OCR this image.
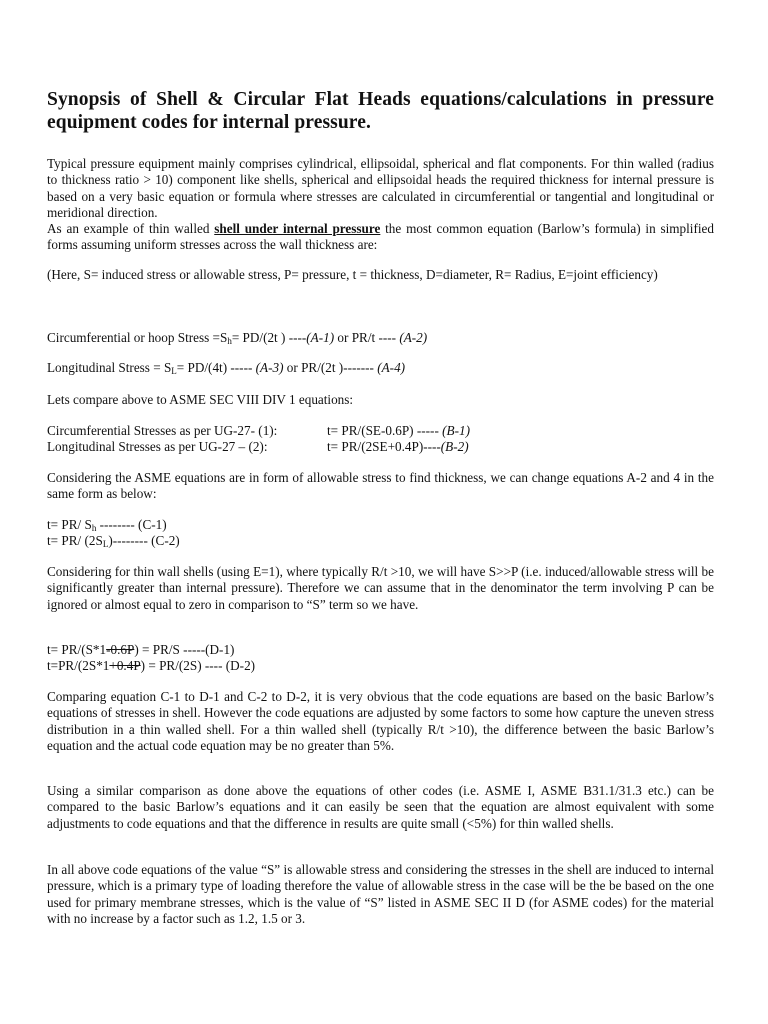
Synopsis of Shell & Circular Flat Heads equations/calculations in pressure equipment codes for internal pressure.

Typical pressure equipment mainly comprises cylindrical, ellipsoidal, spherical and flat components. For thin walled (radius to thickness ratio > 10) component like shells, spherical and ellipsoidal heads the required thickness for internal pressure is based on a very basic equation or formula where stresses are calculated in circumferential or tangential and longitudinal or meridional direction.

As an example of thin walled shell under internal pressure the most common equation (Barlow’s formula) in simplified forms assuming uniform stresses across the wall thickness are:

(Here, S= induced stress or allowable stress, P= pressure, t = thickness, D=diameter, R= Radius, E=joint efficiency)

Circumferential or hoop Stress $=S_h= PD/(2t$ ) ----(A-1) or PR/t ---- (A-2)

Longitudinal Stress = $S_L= PD/(4t)$ ----- (A-3) or PR/(2t )------- (A-4)

Lets compare above to ASME SEC VIII DIV 1 equations:

Circumferential Stresses as per UG-27- (1):	t= PR/(SE-0.6P) ----- (B-1)

Longitudinal Stresses as per UG-27 – (2):	t= PR/(2SE+0.4P)----(B-2)

Considering the ASME equations are in form of allowable stress to find thickness, we can change equations A-2 and 4 in the same form as below:

t= PR/ $S_h$ -------- (C-1)

t= PR/ $(2S_L)--------$ (C-2)

Considering for thin wall shells (using E=1), where typically R/t >10, we will have S>>P (i.e. induced/allowable stress will be significantly greater than internal pressure). Therefore we can assume that in the denominator the term involving P can be ignored or almost equal to zero in comparison to “S” term so we have.

t= PR/(S*1-0.6P) = PR/S -----(D-1)

t=PR/(2S*1+0.4P) = PR/(2S) ---- (D-2)

Comparing equation C-1 to D-1 and C-2 to D-2, it is very obvious that the code equations are based on the basic Barlow’s equations of stresses in shell. However the code equations are adjusted by some factors to some how capture the uneven stress distribution in a thin walled shell. For a thin walled shell (typically R/t >10), the difference between the basic Barlow’s equation and the actual code equation may be no greater than 5%.

Using a similar comparison as done above the equations of other codes (i.e. ASME I, ASME B31.1/31.3 etc.) can be compared to the basic Barlow’s equations and it can easily be seen that the equation are almost equivalent with some adjustments to code equations and that the difference in results are quite small (<5%) for thin walled shells.

In all above code equations of the value “S” is allowable stress and considering the stresses in the shell are induced to internal pressure, which is a primary type of loading therefore the value of allowable stress in the case will be the be based on the one used for primary membrane stresses, which is the value of “S” listed in ASME SEC II D (for ASME codes) for the material with no increase by a factor such as 1.2, 1.5 or 3.
